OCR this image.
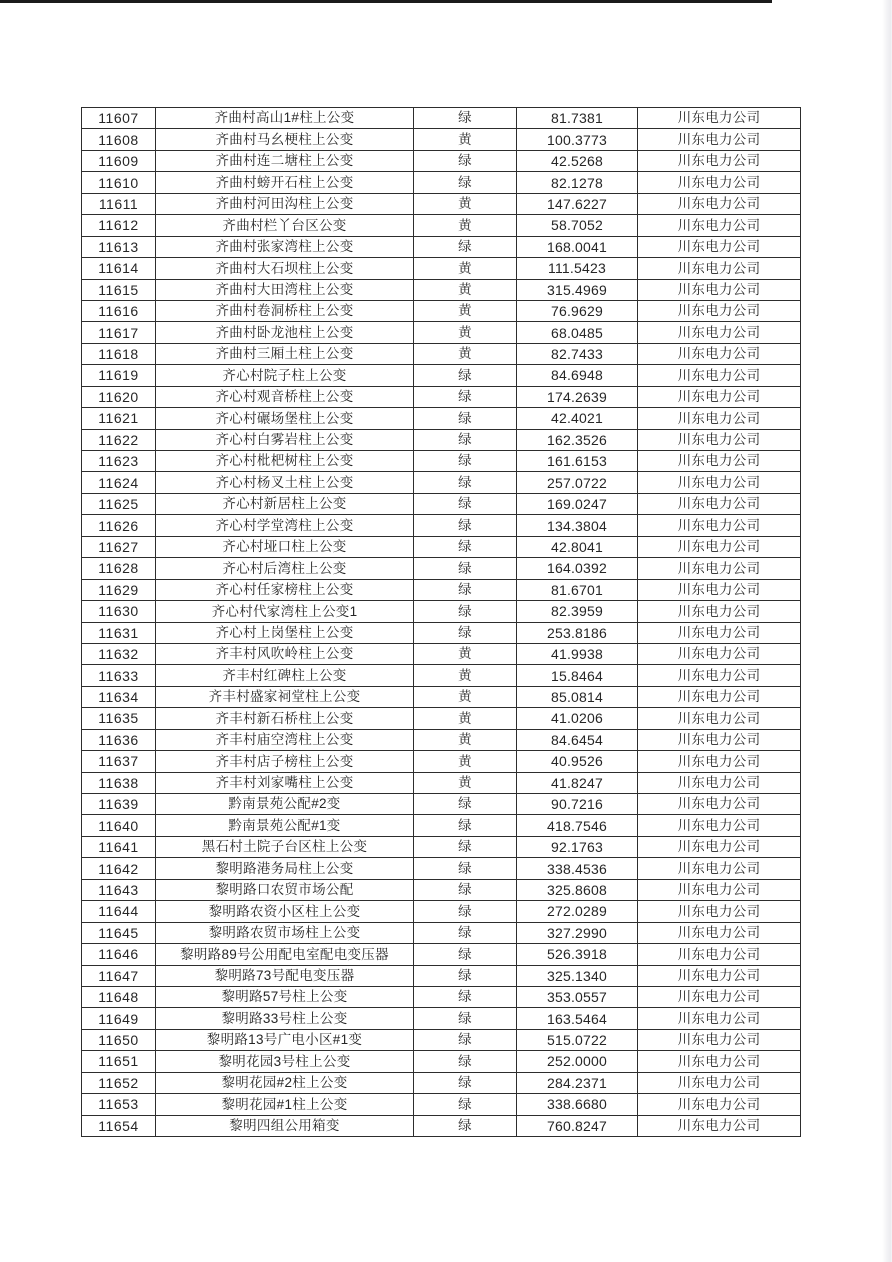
11607	齐曲村高山1#柱上公变	绿	81.7381	川东电力公司
11608	齐曲村马幺梗柱上公变	黄	100.3773	川东电力公司
11609	齐曲村连二塘柱上公变	绿	42.5268	川东电力公司
11610	齐曲村螃开石柱上公变	绿	82.1278	川东电力公司
11611	齐曲村河田沟柱上公变	黄	147.6227	川东电力公司
11612	齐曲村栏丫台区公变	黄	58.7052	川东电力公司
11613	齐曲村张家湾柱上公变	绿	168.0041	川东电力公司
11614	齐曲村大石坝柱上公变	黄	111.5423	川东电力公司
11615	齐曲村大田湾柱上公变	黄	315.4969	川东电力公司
11616	齐曲村卷洞桥柱上公变	黄	76.9629	川东电力公司
11617	齐曲村卧龙池柱上公变	黄	68.0485	川东电力公司
11618	齐曲村三厢土柱上公变	黄	82.7433	川东电力公司
11619	齐心村院子柱上公变	绿	84.6948	川东电力公司
11620	齐心村观音桥柱上公变	绿	174.2639	川东电力公司
11621	齐心村碾场堡柱上公变	绿	42.4021	川东电力公司
11622	齐心村白雾岩柱上公变	绿	162.3526	川东电力公司
11623	齐心村枇杷树柱上公变	绿	161.6153	川东电力公司
11624	齐心村杨叉土柱上公变	绿	257.0722	川东电力公司
11625	齐心村新居柱上公变	绿	169.0247	川东电力公司
11626	齐心村学堂湾柱上公变	绿	134.3804	川东电力公司
11627	齐心村垭口柱上公变	绿	42.8041	川东电力公司
11628	齐心村后湾柱上公变	绿	164.0392	川东电力公司
11629	齐心村任家榜柱上公变	绿	81.6701	川东电力公司
11630	齐心村代家湾柱上公变1	绿	82.3959	川东电力公司
11631	齐心村上岗堡柱上公变	绿	253.8186	川东电力公司
11632	齐丰村风吹岭柱上公变	黄	41.9938	川东电力公司
11633	齐丰村红碑柱上公变	黄	15.8464	川东电力公司
11634	齐丰村盛家祠堂柱上公变	黄	85.0814	川东电力公司
11635	齐丰村新石桥柱上公变	黄	41.0206	川东电力公司
11636	齐丰村庙空湾柱上公变	黄	84.6454	川东电力公司
11637	齐丰村店子榜柱上公变	黄	40.9526	川东电力公司
11638	齐丰村刘家嘴柱上公变	黄	41.8247	川东电力公司
11639	黔南景苑公配#2变	绿	90.7216	川东电力公司
11640	黔南景苑公配#1变	绿	418.7546	川东电力公司
11641	黑石村土院子台区柱上公变	绿	92.1763	川东电力公司
11642	黎明路港务局柱上公变	绿	338.4536	川东电力公司
11643	黎明路口农贸市场公配	绿	325.8608	川东电力公司
11644	黎明路农资小区柱上公变	绿	272.0289	川东电力公司
11645	黎明路农贸市场柱上公变	绿	327.2990	川东电力公司
11646	黎明路89号公用配电室配电变压器	绿	526.3918	川东电力公司
11647	黎明路73号配电变压器	绿	325.1340	川东电力公司
11648	黎明路57号柱上公变	绿	353.0557	川东电力公司
11649	黎明路33号柱上公变	绿	163.5464	川东电力公司
11650	黎明路13号广电小区#1变	绿	515.0722	川东电力公司
11651	黎明花园3号柱上公变	绿	252.0000	川东电力公司
11652	黎明花园#2柱上公变	绿	284.2371	川东电力公司
11653	黎明花园#1柱上公变	绿	338.6680	川东电力公司
11654	黎明四组公用箱变	绿	760.8247	川东电力公司
